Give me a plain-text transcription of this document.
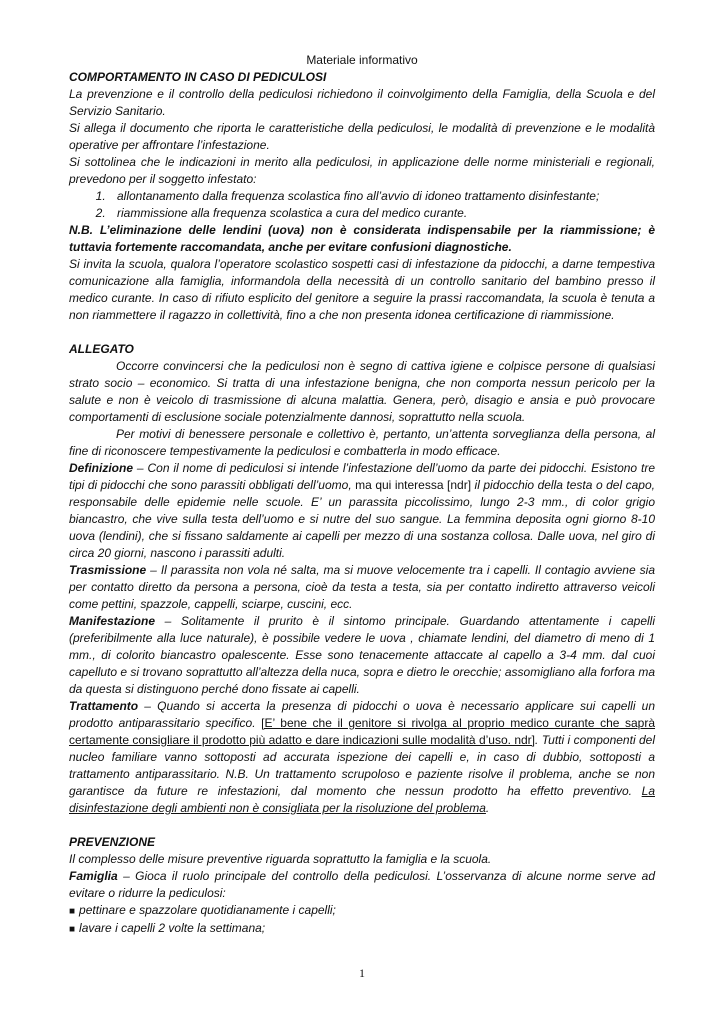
Materiale informativo

COMPORTAMENTO IN CASO DI PEDICULOSI

La prevenzione e il controllo della pediculosi richiedono il coinvolgimento della Famiglia, della Scuola e del Servizio Sanitario.

Si allega il documento che riporta le caratteristiche della pediculosi, le modalità di prevenzione e le modalità operative per affrontare l’infestazione.

Si sottolinea che le indicazioni in merito alla pediculosi, in applicazione delle norme ministeriali e regionali, prevedono per il soggetto infestato:

1. allontanamento dalla frequenza scolastica fino all’avvio di idoneo trattamento disinfestante;
2. riammissione alla frequenza scolastica a cura del medico curante.

N.B. L’eliminazione delle lendini (uova) non è considerata indispensabile per la riammissione; è tuttavia fortemente raccomandata, anche per evitare confusioni diagnostiche.

Si invita la scuola, qualora l’operatore scolastico sospetti casi di infestazione da pidocchi, a darne tempestiva comunicazione alla famiglia, informandola della necessità di un controllo sanitario del bambino presso il medico curante. In caso di rifiuto esplicito del genitore a seguire la prassi raccomandata, la scuola è tenuta a non riammettere il ragazzo in collettività, fino a che non presenta idonea certificazione di riammissione.

ALLEGATO

Occorre convincersi che la pediculosi non è segno di cattiva igiene e colpisce persone di qualsiasi strato socio – economico. Si tratta di una infestazione benigna, che non comporta nessun pericolo per la salute e non è veicolo di trasmissione di alcuna malattia. Genera, però, disagio e ansia e può provocare comportamenti di esclusione sociale potenzialmente dannosi, soprattutto nella scuola.

Per motivi di benessere personale e collettivo è, pertanto, un’attenta sorveglianza della persona, al fine di riconoscere tempestivamente la pediculosi e combatterla in modo efficace.

Definizione – Con il nome di pediculosi si intende l’infestazione dell’uomo da parte dei pidocchi. Esistono tre tipi di pidocchi che sono parassiti obbligati dell’uomo, ma qui interessa [ndr] il pidocchio della testa o del capo, responsabile delle epidemie nelle scuole. E’ un parassita piccolissimo, lungo 2-3 mm., di color grigio biancastro, che vive sulla testa dell’uomo e si nutre del suo sangue. La femmina deposita ogni giorno 8-10 uova (lendini), che si fissano saldamente ai capelli per mezzo di una sostanza collosa. Dalle uova, nel giro di circa 20 giorni, nascono i parassiti adulti.

Trasmissione – Il parassita non vola né salta, ma si muove velocemente tra i capelli. Il contagio avviene sia per contatto diretto da persona a persona, cioè da testa a testa, sia per contatto indiretto attraverso veicoli come pettini, spazzole, cappelli, sciarpe, cuscini, ecc.

Manifestazione – Solitamente il prurito è il sintomo principale. Guardando attentamente i capelli (preferibilmente alla luce naturale), è possibile vedere le uova , chiamate lendini, del diametro di meno di 1 mm., di colorito biancastro opalescente. Esse sono tenacemente attaccate al capello a 3-4 mm. dal cuoi capelluto e si trovano soprattutto all’altezza della nuca, sopra e dietro le orecchie; assomigliano alla forfora ma da questa si distinguono perché dono fissate ai capelli.

Trattamento – Quando si accerta la presenza di pidocchi o uova è necessario applicare sui capelli un prodotto antiparassitario specifico. [E’ bene che il genitore si rivolga al proprio medico curante che saprà certamente consigliare il prodotto più adatto e dare indicazioni sulle modalità d’uso. ndr]. Tutti i componenti del nucleo familiare vanno sottoposti ad accurata ispezione dei capelli e, in caso di dubbio, sottoposti a trattamento antiparassitario. N.B. Un trattamento scrupoloso e paziente risolve il problema, anche se non garantisce da future re infestazioni, dal momento che nessun prodotto ha effetto preventivo. La disinfestazione degli ambienti non è consigliata per la risoluzione del problema.

PREVENZIONE

Il complesso delle misure preventive riguarda soprattutto la famiglia e la scuola.

Famiglia – Gioca il ruolo principale del controllo della pediculosi. L’osservanza di alcune norme serve ad evitare o ridurre la pediculosi:

■ pettinare e spazzolare quotidianamente i capelli;
■ lavare i capelli 2 volte la settimana;
1
